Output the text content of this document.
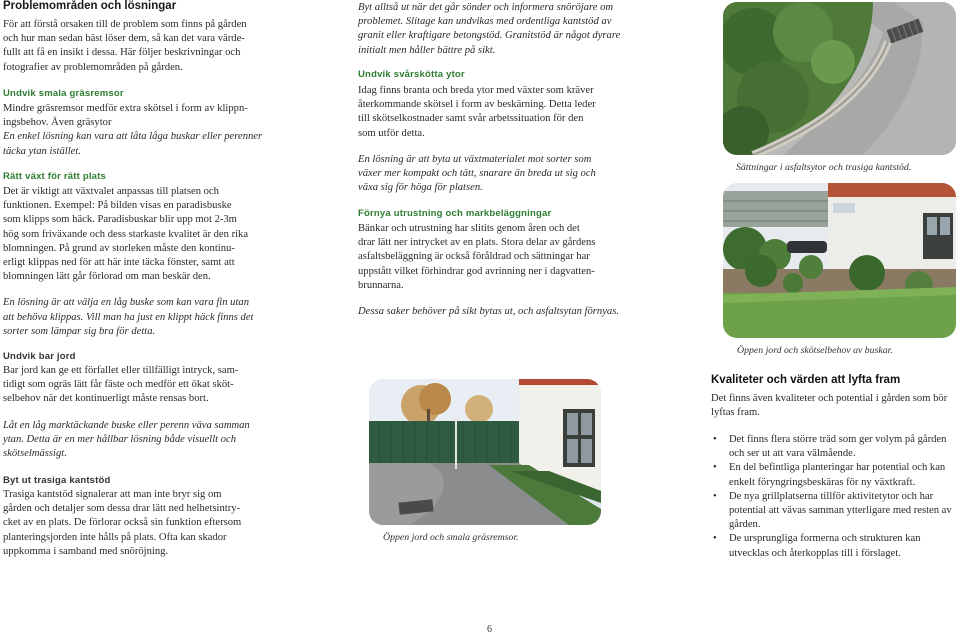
Problemområden och lösningar

För att förstå orsaken till de problem som finns på gården

och hur man sedan bäst löser dem, så kan det vara värde-

fullt att få en insikt i dessa. Här följer beskrivningar och

fotografier av problemområden på gården.

Undvik smala gräsremsor

Mindre gräsremsor medför extra skötsel i form av klippn-

ingsbehov. Även gräsytor

En enkel lösning kan vara att låta låga buskar eller perenner

täcka ytan istället.

Rätt växt för rätt plats

Det är viktigt att växtvalet anpassas till platsen och

funktionen. Exempel: På bilden visas en paradisbuske

som klipps som häck. Paradisbuskar blir upp mot 2-3m

hög som friväxande och dess starkaste kvalitet är den rika

blomningen. På grund av storleken måste den kontinu-

erligt klippas ned för att här inte täcka fönster, samt att

blomningen lätt går förlorad om man beskär den.

En lösning är att välja en låg buske som kan vara fin utan

att behöva klippas. Vill man ha just en klippt häck finns det

sorter som lämpar sig bra för detta.

Undvik bar jord

Bar jord kan ge ett förfallet eller tillfälligt intryck, sam-

tidigt som ogräs lätt får fäste och medför ett ökat sköt-

selbehov när det kontinuerligt måste rensas bort.

Låt en låg marktäckande buske eller perenn väva samman

ytan. Detta är en mer hållbar lösning både visuellt och

skötselmässigt.

Byt ut trasiga kantstöd

Trasiga kantstöd signalerar att man inte bryr sig om

gården och detaljer som dessa drar lätt ned helhetsintry-

cket av en plats. De förlorar också sin funktion eftersom

planteringsjorden inte hålls på plats. Ofta kan skador

uppkomma i samband med snöröjning.

Byt alltså ut när det går sönder och informera snöröjare om

problemet. Slitage kan undvikas med ordentliga kantstöd av

granit eller kraftigare betongstöd. Granitstöd är något dyrare

initialt men håller bättre på sikt.

Undvik svårskötta ytor

Idag finns branta och breda ytor med växter som kräver

återkommande skötsel i form av beskärning. Detta leder

till skötselkostnader samt svår arbetssituation för den

som utför detta.

En lösning är att byta ut växtmaterialet mot sorter som

växer mer kompakt och tätt, snarare än breda ut sig och

växa sig för höga för platsen.

Förnya utrustning och markbeläggningar

Bänkar och utrustning har slitits genom åren och det

drar lätt ner intrycket av en plats. Stora delar av gårdens

asfaltsbeläggning är också föråldrad och sättningar har

uppstått vilket förhindrar god avrinning ner i dagvatten-

brunnarna.

Dessa saker behöver på sikt bytas ut, och asfaltsytan förnyas.

Öppen jord och smala gräsremsor.
Sättningar i asfaltsytor och trasiga kantstöd.
Öppen jord och skötselbehov av buskar.
Kvaliteter och värden att lyfta fram

Det finns även kvaliteter och potential i gården som bör

lyftas fram.

• Det finns flera större träd som ger volym på gården
och ser ut att vara välmående.
• En del befintliga planteringar har potential och kan
enkelt föryngringsbeskäras för ny växtkraft.
• De nya grillplatserna tillför aktivitetytor och har
potential att vävas samman ytterligare med resten av
gården.
• De ursprungliga formerna och strukturen kan
utvecklas och återkopplas till i förslaget.
6
